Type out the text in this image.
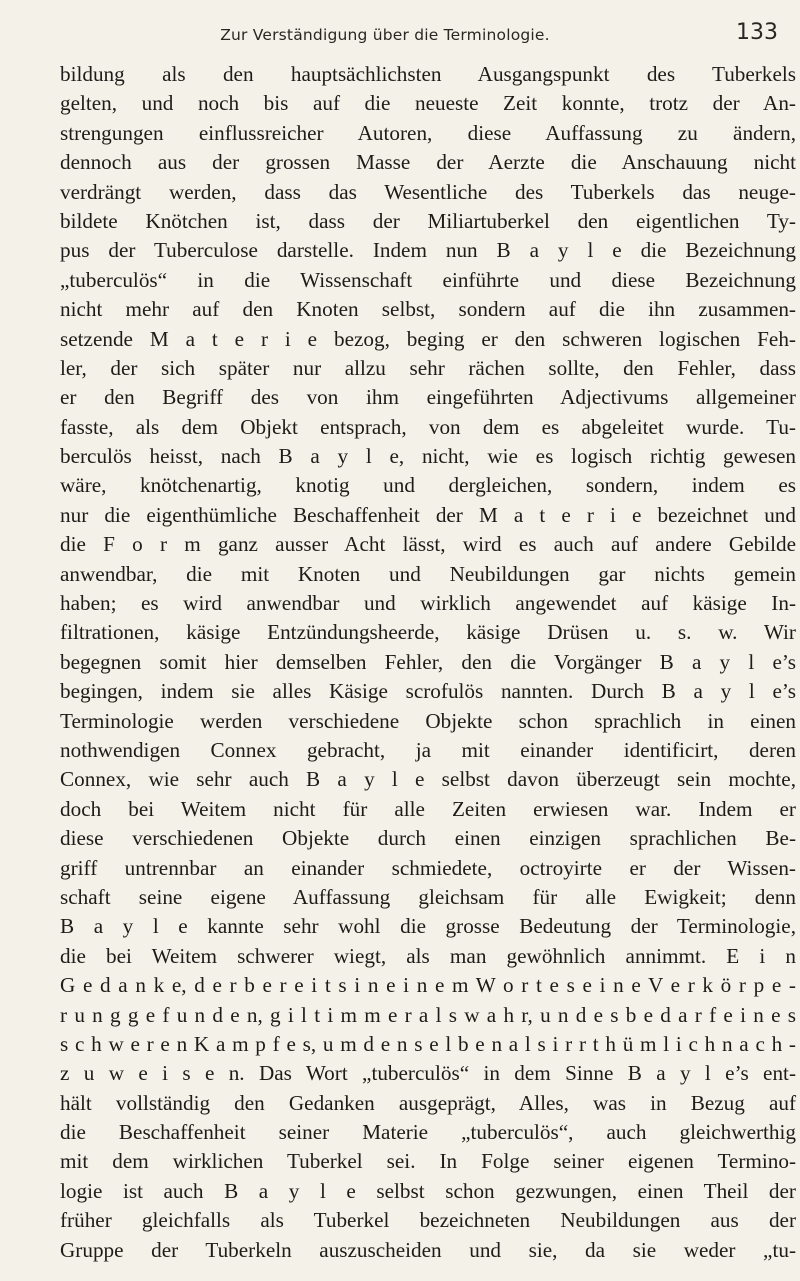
Zur Verständigung über die Terminologie.	133
bildung als den hauptsächlichsten Ausgangspunkt des Tuberkels
gelten, und noch bis auf die neueste Zeit konnte, trotz der An-
strengungen einflussreicher Autoren, diese Auffassung zu ändern,
dennoch aus der grossen Masse der Aerzte die Anschauung nicht
verdrängt werden, dass das Wesentliche des Tuberkels das neuge-
bildete Knötchen ist, dass der Miliartuberkel den eigentlichen Ty-
pus der Tuberculose darstelle. Indem nun B a y l e die Bezeichnung
„tuberculös“ in die Wissenschaft einführte und diese Bezeichnung
nicht mehr auf den Knoten selbst, sondern auf die ihn zusammen-
setzende M a t e r i e bezog, beging er den schweren logischen Feh-
ler, der sich später nur allzu sehr rächen sollte, den Fehler, dass
er den Begriff des von ihm eingeführten Adjectivums allgemeiner
fasste, als dem Objekt entsprach, von dem es abgeleitet wurde. Tu-
berculös heisst, nach B a y l e, nicht, wie es logisch richtig gewesen
wäre, knötchenartig, knotig und dergleichen, sondern, indem es
nur die eigenthümliche Beschaffenheit der M a t e r i e bezeichnet und
die F o r m ganz ausser Acht lässt, wird es auch auf andere Gebilde
anwendbar, die mit Knoten und Neubildungen gar nichts gemein
haben; es wird anwendbar und wirklich angewendet auf käsige In-
filtrationen, käsige Entzündungsheerde, käsige Drüsen u. s. w. Wir
begegnen somit hier demselben Fehler, den die Vorgänger B a y l e’s
begingen, indem sie alles Käsige scrofulös nannten. Durch B a y l e’s
Terminologie werden verschiedene Objekte schon sprachlich in einen
nothwendigen Connex gebracht, ja mit einander identificirt, deren
Connex, wie sehr auch B a y l e selbst davon überzeugt sein mochte,
doch bei Weitem nicht für alle Zeiten erwiesen war. Indem er
diese verschiedenen Objekte durch einen einzigen sprachlichen Be-
griff untrennbar an einander schmiedete, octroyirte er der Wissen-
schaft seine eigene Auffassung gleichsam für alle Ewigkeit; denn
B a y l e kannte sehr wohl die grosse Bedeutung der Terminologie,
die bei Weitem schwerer wiegt, als man gewöhnlich annimmt. E i n
G e d a n k e, d e r b e r e i t s i n e i n e m W o r t e s e i n e V e r k ö r p e -
r u n g g e f u n d e n, g i l t i m m e r a l s w a h r, u n d e s b e d a r f e i n e s
s c h w e r e n K a m p f e s, u m d e n s e l b e n a l s i r r t h ü m l i c h n a c h -
z u w e i s e n. Das Wort „tuberculös“ in dem Sinne B a y l e’s ent-
hält vollständig den Gedanken ausgeprägt, Alles, was in Bezug auf
die Beschaffenheit seiner Materie „tuberculös“, auch gleichwerthig
mit dem wirklichen Tuberkel sei. In Folge seiner eigenen Termino-
logie ist auch B a y l e selbst schon gezwungen, einen Theil der
früher gleichfalls als Tuberkel bezeichneten Neubildungen aus der
Gruppe der Tuberkeln auszuscheiden und sie, da sie weder „tu-
